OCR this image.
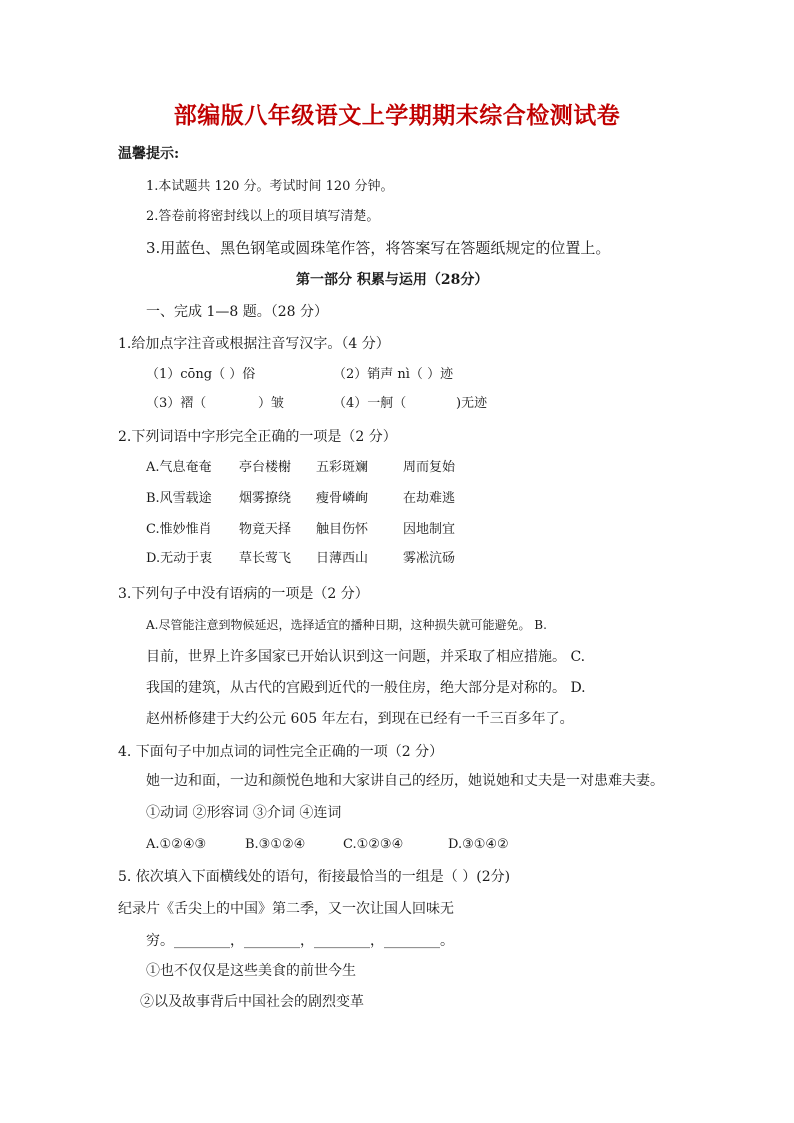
部编版八年级语文上学期期末综合检测试卷
温馨提示:
1.本试题共 120 分。考试时间 120 分钟。
2.答卷前将密封线以上的项目填写清楚。
3.用蓝色、黑色钢笔或圆珠笔作答，将答案写在答题纸规定的位置上。
第一部分 积累与运用（28分）
一、完成 1—8 题。（28 分）
1.给加点字注音或根据注音写汉字。（4 分）
（1）cōng（ ）俗	（2）销声 nì（ ）迹
（3）褶（	）皱	（4）一舸（	)无迹
2.下列词语中字形完全正确的一项是（2 分）
A.气息奄奄 亭台楼榭 五彩斑斓	周而复始
B.风雪载途 烟雾撩绕 瘦骨嶙峋	在劫难逃
C.惟妙惟肖 物竟天择 触目伤怀	因地制宜
D.无动于衷 草长莺飞 日薄西山	雾凇沆砀
3.下列句子中没有语病的一项是（2 分）
A.尽管能注意到物候延迟，选择适宜的播种日期，这种损失就可能避免。 B.
目前，世界上许多国家已开始认识到这一问题，并采取了相应措施。 C.
我国的建筑，从古代的宫殿到近代的一般住房，绝大部分是对称的。 D.
赵州桥修建于大约公元 605 年左右，到现在已经有一千三百多年了。
4. 下面句子中加点词的词性完全正确的一项（2 分）
她一边和面，一边和颜悦色地和大家讲自己的经历，她说她和丈夫是一对患难夫妻。
①动词 ②形容词 ③介词 ④连词
A.①②④③	B.③①②④	C.①②③④	D.③①④②
5. 依次填入下面横线处的语句，衔接最恰当的一组是（ ）(2分)
纪录片《舌尖上的中国》第二季，又一次让国人回味无
穷。________，________，________，________。
①也不仅仅是这些美食的前世今生
②以及故事背后中国社会的剧烈变革
